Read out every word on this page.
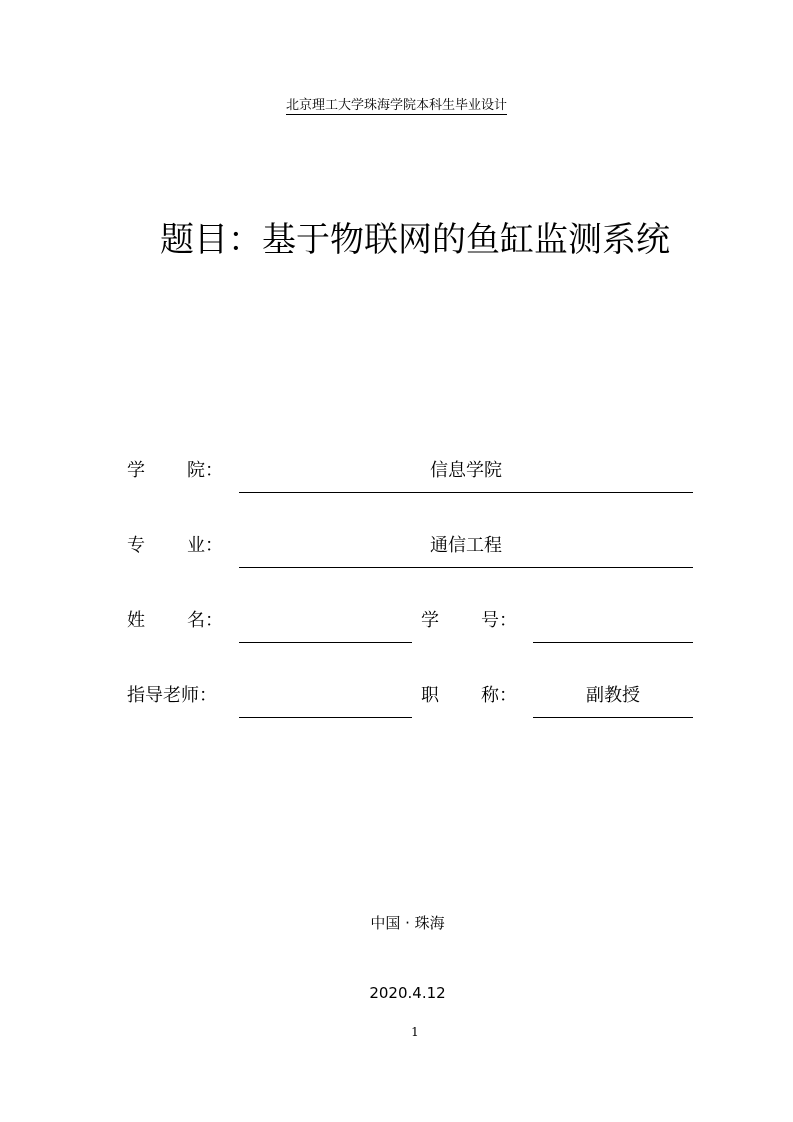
北京理工大学珠海学院本科生毕业设计
题目：基于物联网的鱼缸监测系统
学 院：	信息学院
专 业：	通信工程
姓 名：	学 号：
指导老师：	职 称：	副教授
中国 · 珠海
2020.4.12
1
